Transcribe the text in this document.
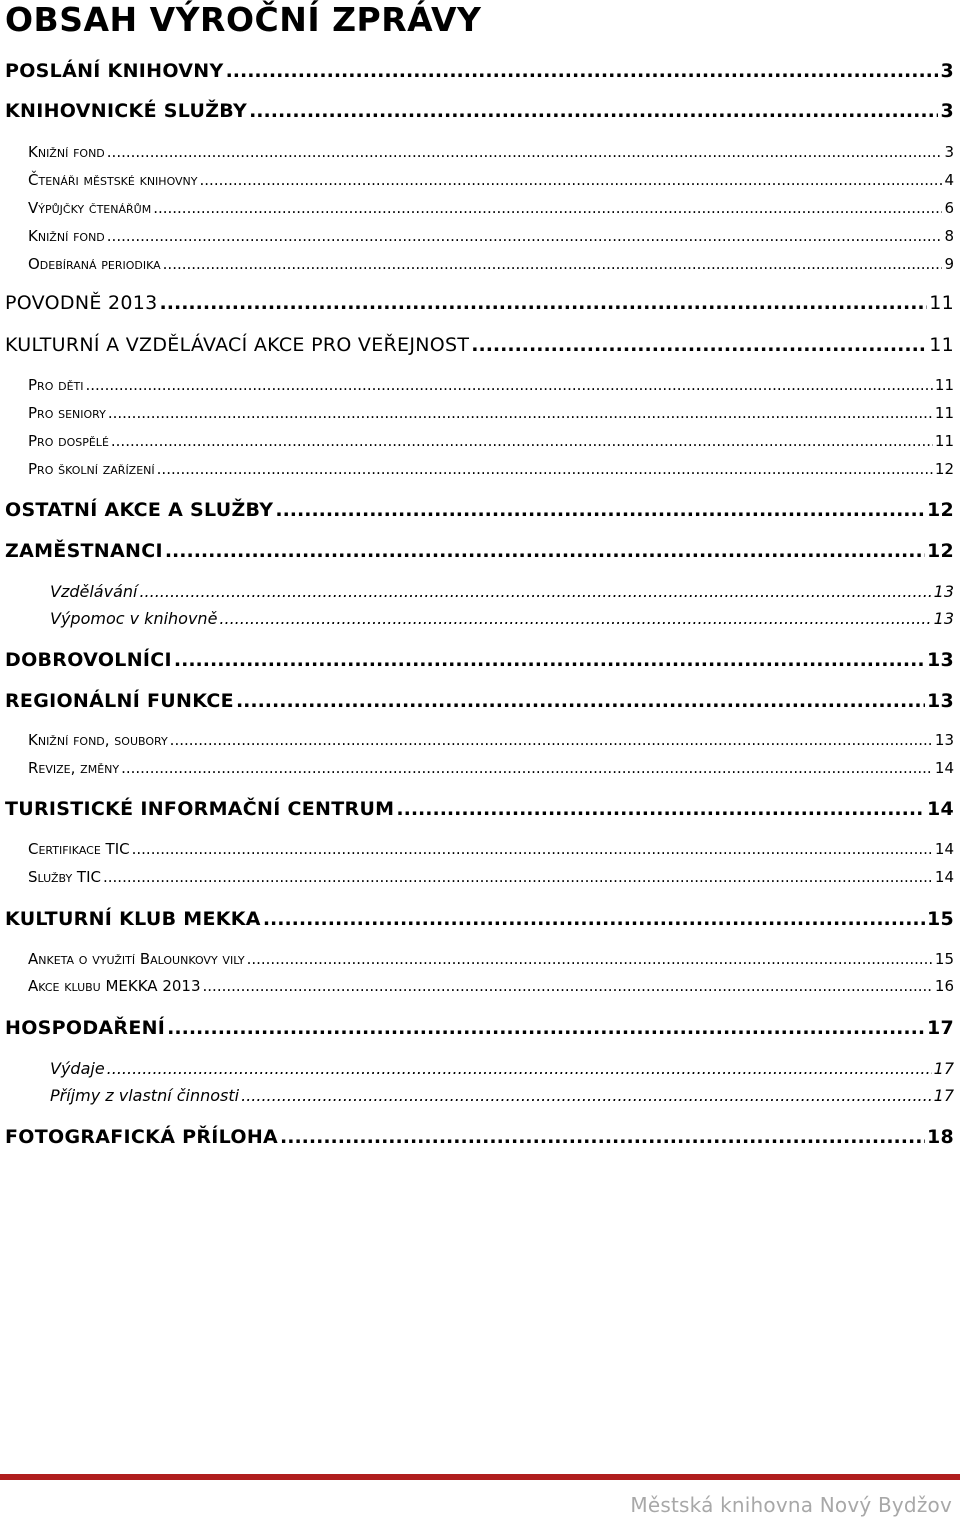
OBSAH VÝROČNÍ ZPRÁVY
POSLÁNÍ KNIHOVNY .....	3
KNIHOVNICKÉ SLUŽBY .....	3
Knižní fond .....	3
Čtenáři městské knihovny .....	4
Výpůjčky čtenářům .....	6
Knižní fond .....	8
Odebíraná periodika .....	9
POVODNĚ 2013 .....	11
KULTURNÍ A VZDĚLÁVACÍ AKCE PRO VEŘEJNOST .....	11
Pro děti .....	11
Pro seniory .....	11
Pro dospělé .....	11
Pro školní zařízení .....	12
OSTATNÍ AKCE A SLUŽBY .....	12
ZAMĚSTNANCI .....	12
Vzdělávání .....	13
Výpomoc v knihovně .....	13
DOBROVOLNÍCI .....	13
REGIONÁLNÍ FUNKCE .....	13
Knižní fond, soubory .....	13
Revize, změny .....	14
TURISTICKÉ INFORMAČNÍ CENTRUM .....	14
Certifikace TIC .....	14
Služby TIC .....	14
KULTURNÍ KLUB MEKKA .....	15
Anketa o využití Balounkovy vily .....	15
Akce klubu MEKKA 2013 .....	16
HOSPODAŘENÍ .....	17
Výdaje .....	17
Příjmy z vlastní činnosti .....	17
FOTOGRAFICKÁ PŘÍLOHA .....	18
Městská knihovna Nový Bydžov
